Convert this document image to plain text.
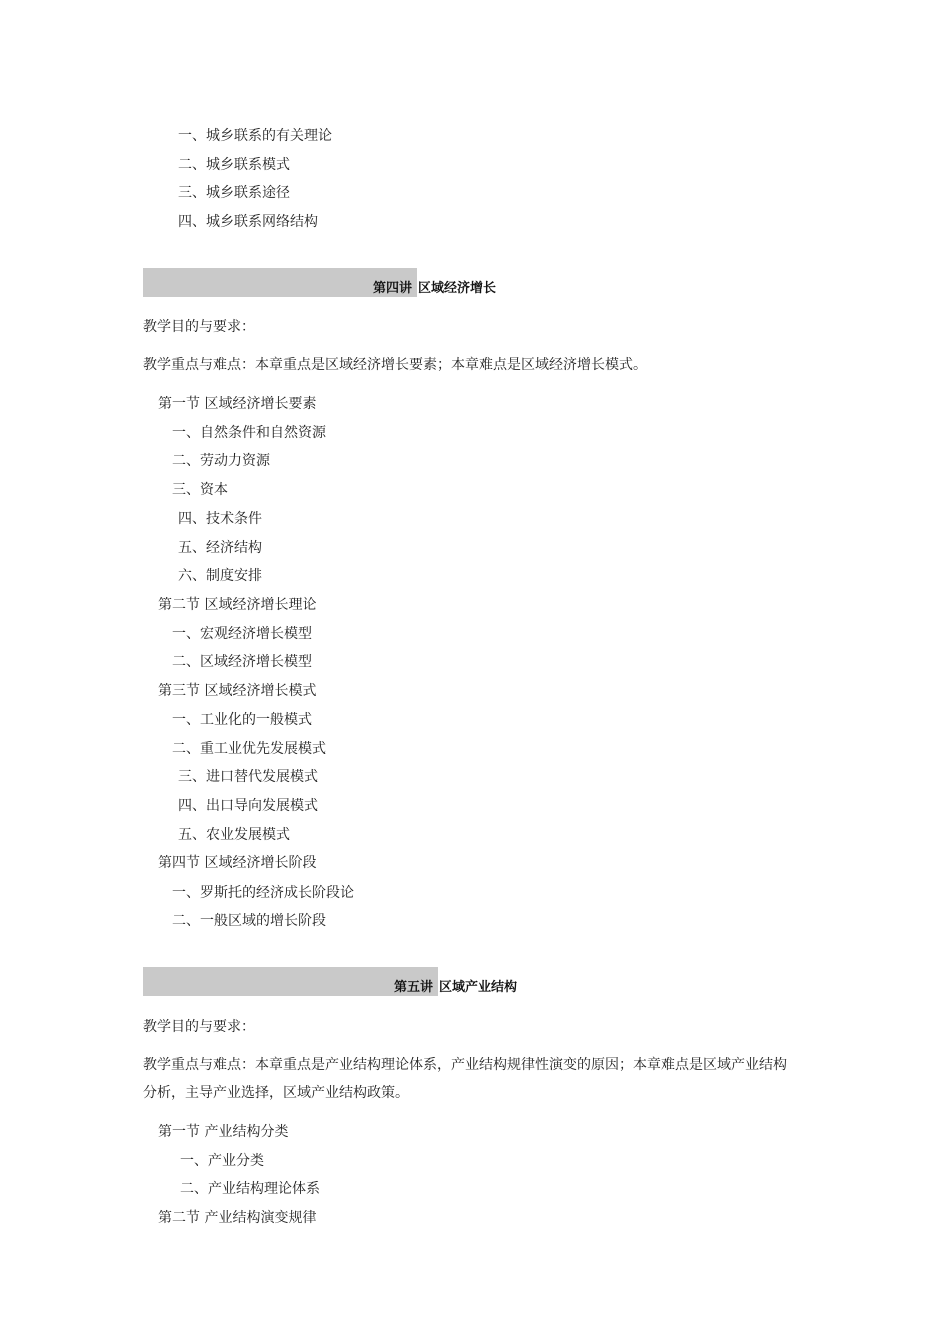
一、城乡联系的有关理论
二、城乡联系模式
三、城乡联系途径
四、城乡联系网络结构
第四讲 区域经济增长
教学目的与要求：
教学重点与难点：本章重点是区域经济增长要素；本章难点是区域经济增长模式。
第一节 区域经济增长要素
一、自然条件和自然资源
二、劳动力资源
三、资本
四、技术条件
五、经济结构
六、制度安排
第二节 区域经济增长理论
一、宏观经济增长模型
二、区域经济增长模型
第三节 区域经济增长模式
一、工业化的一般模式
二、重工业优先发展模式
三、进口替代发展模式
四、出口导向发展模式
五、农业发展模式
第四节 区域经济增长阶段
一、罗斯托的经济成长阶段论
二、一般区域的增长阶段
第五讲 区域产业结构
教学目的与要求：
教学重点与难点：本章重点是产业结构理论体系，产业结构规律性演变的原因；本章难点是区域产业结构
分析，主导产业选择，区域产业结构政策。
第一节 产业结构分类
一、产业分类
二、产业结构理论体系
第二节 产业结构演变规律
